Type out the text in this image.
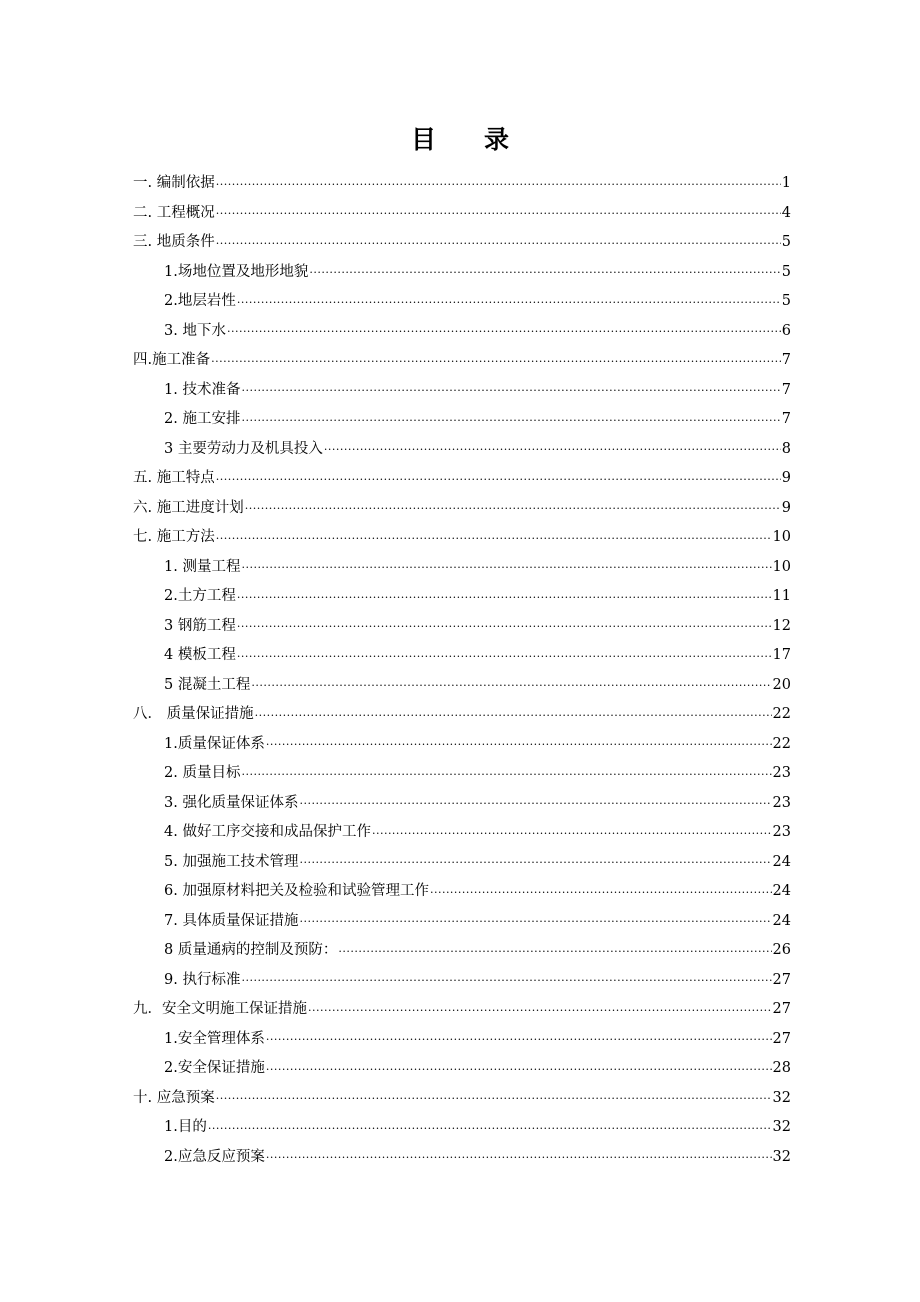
目 录
一. 编制依据 .....	1
二. 工程概况 .....	4
三. 地质条件 .....	5
1.场地位置及地形地貌 .....	5
2.地层岩性 .....	5
3. 地下水 .....	6
四.施工准备 .....	7
1. 技术准备 .....	7
2. 施工安排 .....	7
3 主要劳动力及机具投入 .....	8
五. 施工特点 .....	9
六. 施工进度计划 .....	9
七. 施工方法 .....	10
1. 测量工程 .....	10
2.土方工程 .....	11
3 钢筋工程 .....	12
4 模板工程 .....	17
5 混凝土工程 .....	20
八． 质量保证措施 .....	22
1.质量保证体系 .....	22
2. 质量目标 .....	23
3. 强化质量保证体系 .....	23
4. 做好工序交接和成品保护工作 .....	23
5. 加强施工技术管理 .....	24
6. 加强原材料把关及检验和试验管理工作 .....	24
7. 具体质量保证措施 .....	24
8 质量通病的控制及预防： .....	26
9. 执行标准 .....	27
九．安全文明施工保证措施 .....	27
1.安全管理体系 .....	27
2.安全保证措施 .....	28
十. 应急预案 .....	32
1.目的 .....	32
2.应急反应预案 .....	32
